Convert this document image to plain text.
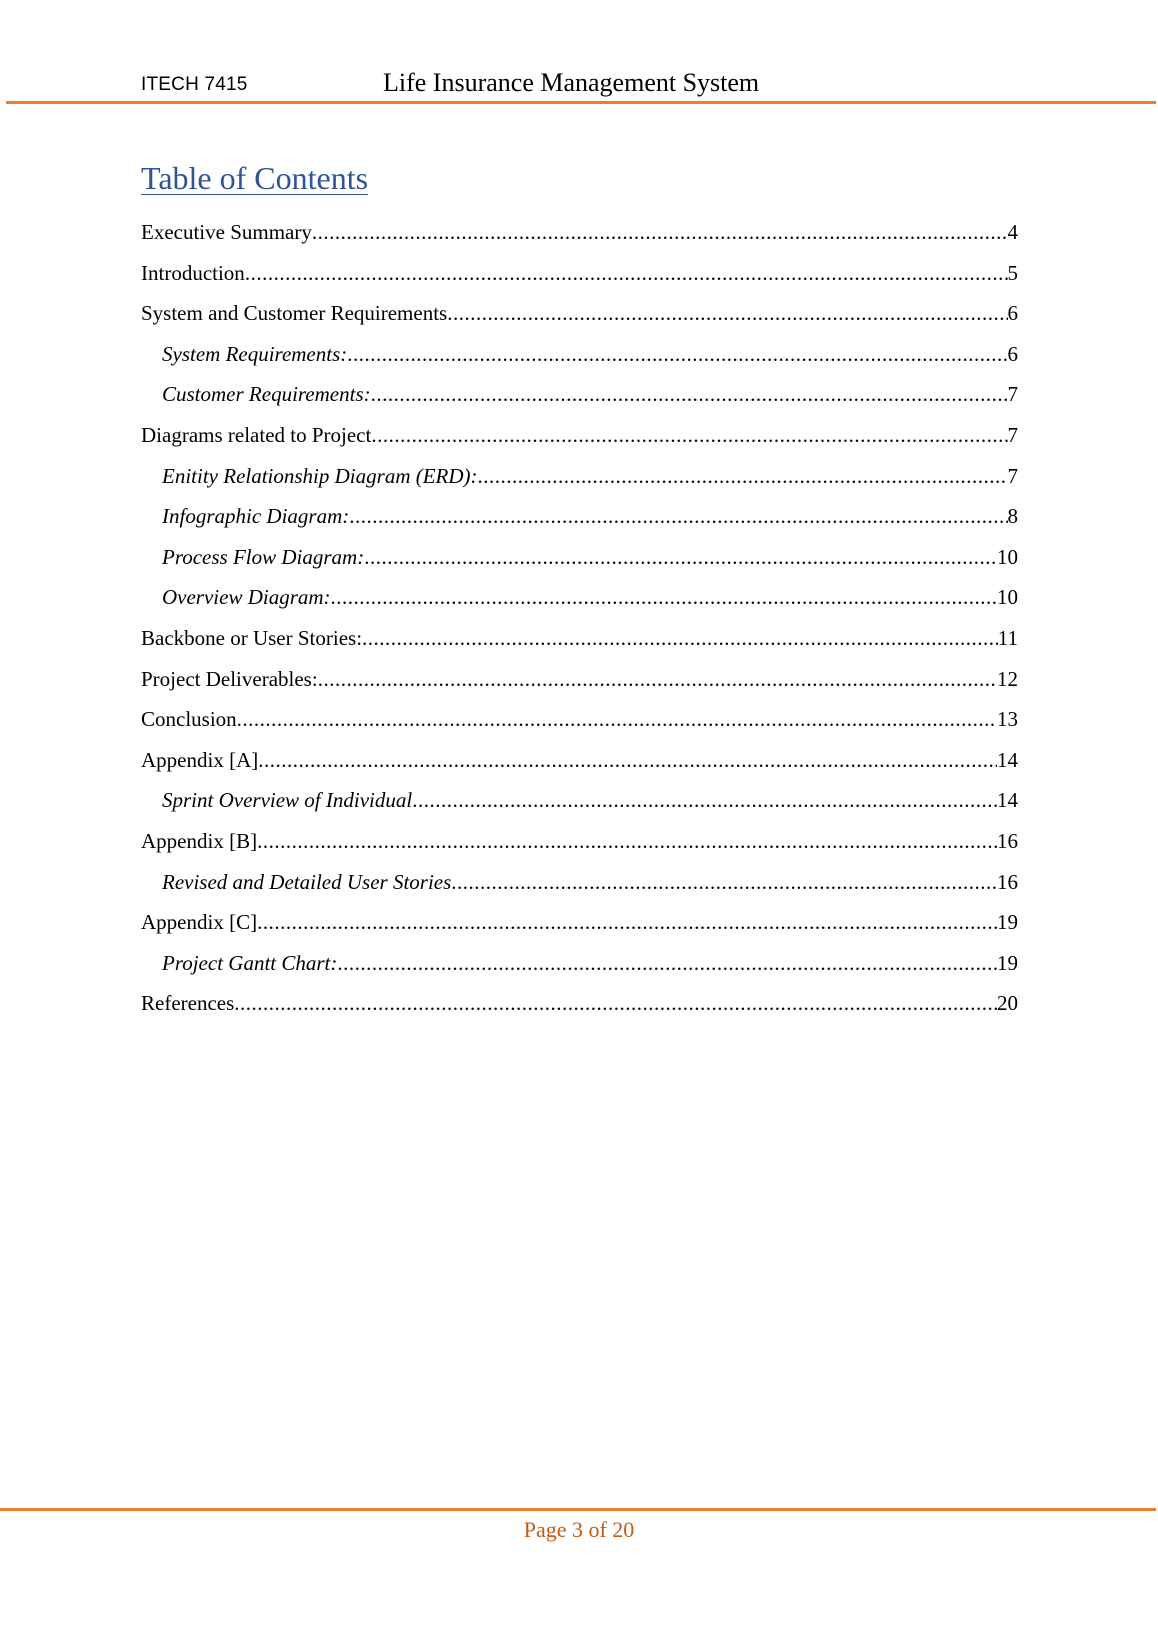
ITECH 7415	Life Insurance Management System
Table of Contents
Executive Summary .....	4
Introduction .....	5
System and Customer Requirements .....	6
System Requirements: .....	6
Customer Requirements: .....	7
Diagrams related to Project .....	7
Enitity Relationship Diagram (ERD): .....	7
Infographic Diagram: .....	8
Process Flow Diagram: .....	10
Overview Diagram: .....	10
Backbone or User Stories: .....	11
Project Deliverables: .....	12
Conclusion .....	13
Appendix [A] .....	14
Sprint Overview of Individual .....	14
Appendix [B] .....	16
Revised and Detailed User Stories .....	16
Appendix [C] .....	19
Project Gantt Chart: .....	19
References .....	20
Page 3 of 20
